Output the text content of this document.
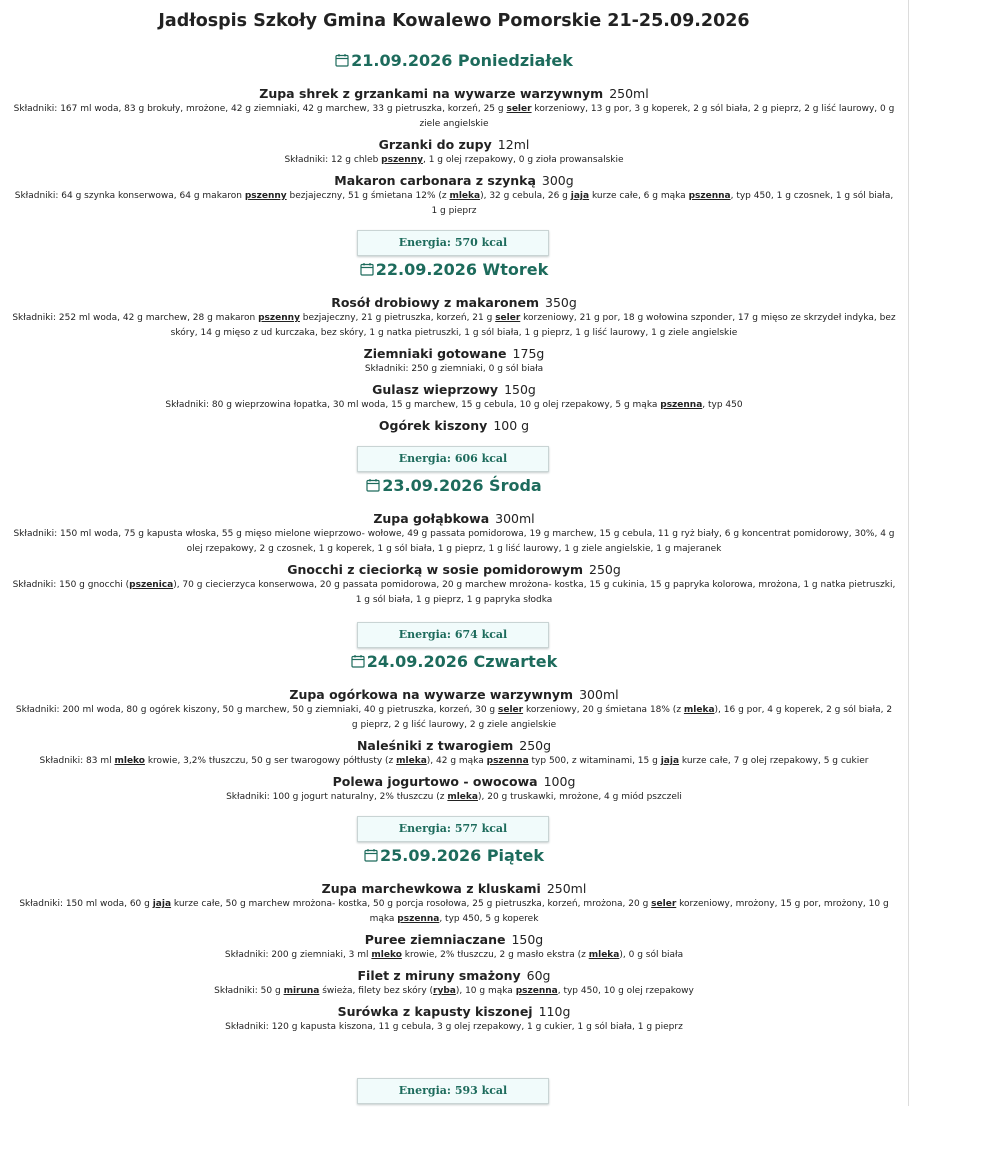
Jadłospis Szkoły Gmina Kowalewo Pomorskie 21-25.09.2026
21.09.2026 Poniedziałek
Zupa shrek z grzankami na wywarze warzywnym 250ml
Składniki: 167 ml woda, 83 g brokuły, mrożone, 42 g ziemniaki, 42 g marchew, 33 g pietruszka, korzeń, 25 g seler korzeniowy, 13 g por, 3 g koperek, 2 g sól biała, 2 g pieprz, 2 g liść laurowy, 0 g ziele angielskie
Grzanki do zupy 12ml
Składniki: 12 g chleb pszenny, 1 g olej rzepakowy, 0 g zioła prowansalskie
Makaron carbonara z szynką 300g
Składniki: 64 g szynka konserwowa, 64 g makaron pszenny bezjajeczny, 51 g śmietana 12% (z mleka), 32 g cebula, 26 g jaja kurze całe, 6 g mąka pszenna, typ 450, 1 g czosnek, 1 g sól biała, 1 g pieprz
22.09.2026 Wtorek
Rosół drobiowy z makaronem 350g
Składniki: 252 ml woda, 42 g marchew, 28 g makaron pszenny bezjajeczny, 21 g pietruszka, korzeń, 21 g seler korzeniowy, 21 g por, 18 g wołowina szponder, 17 g mięso ze skrzydeł indyka, bez skóry, 14 g mięso z ud kurczaka, bez skóry, 1 g natka pietruszki, 1 g sól biała, 1 g pieprz, 1 g liść laurowy, 1 g ziele angielskie
Ziemniaki gotowane 175g
Składniki: 250 g ziemniaki, 0 g sól biała
Gulasz wieprzowy 150g
Składniki: 80 g wieprzowina łopatka, 30 ml woda, 15 g marchew, 15 g cebula, 10 g olej rzepakowy, 5 g mąka pszenna, typ 450
Ogórek kiszony 100 g
23.09.2026 Środa
Zupa gołąbkowa 300ml
Składniki: 150 ml woda, 75 g kapusta włoska, 55 g mięso mielone wieprzowo- wołowe, 49 g passata pomidorowa, 19 g marchew, 15 g cebula, 11 g ryż biały, 6 g koncentrat pomidorowy, 30%, 4 g olej rzepakowy, 2 g czosnek, 1 g koperek, 1 g sól biała, 1 g pieprz, 1 g liść laurowy, 1 g ziele angielskie, 1 g majeranek
Gnocchi z cieciorką w sosie pomidorowym 250g
Składniki: 150 g gnocchi (pszenica), 70 g ciecierzyca konserwowa, 20 g passata pomidorowa, 20 g marchew mrożona- kostka, 15 g cukinia, 15 g papryka kolorowa, mrożona, 1 g natka pietruszki, 1 g sól biała, 1 g pieprz, 1 g papryka słodka
24.09.2026 Czwartek
Zupa ogórkowa na wywarze warzywnym 300ml
Składniki: 200 ml woda, 80 g ogórek kiszony, 50 g marchew, 50 g ziemniaki, 40 g pietruszka, korzeń, 30 g seler korzeniowy, 20 g śmietana 18% (z mleka), 16 g por, 4 g koperek, 2 g sól biała, 2 g pieprz, 2 g liść laurowy, 2 g ziele angielskie
Naleśniki z twarogiem 250g
Składniki: 83 ml mleko krowie, 3,2% tłuszczu, 50 g ser twarogowy półtłusty (z mleka), 42 g mąka pszenna typ 500, z witaminami, 15 g jaja kurze całe, 7 g olej rzepakowy, 5 g cukier
Polewa jogurtowo - owocowa 100g
Składniki: 100 g jogurt naturalny, 2% tłuszczu (z mleka), 20 g truskawki, mrożone, 4 g miód pszczeli
25.09.2026 Piątek
Zupa marchewkowa z kluskami 250ml
Składniki: 150 ml woda, 60 g jaja kurze całe, 50 g marchew mrożona- kostka, 50 g porcja rosołowa, 25 g pietruszka, korzeń, mrożona, 20 g seler korzeniowy, mrożony, 15 g por, mrożony, 10 g mąka pszenna, typ 450, 5 g koperek
Puree ziemniaczane 150g
Składniki: 200 g ziemniaki, 3 ml mleko krowie, 2% tłuszczu, 2 g masło ekstra (z mleka), 0 g sól biała
Filet z miruny smażony 60g
Składniki: 50 g miruna świeża, filety bez skóry (ryba), 10 g mąka pszenna, typ 450, 10 g olej rzepakowy
Surówka z kapusty kiszonej 110g
Składniki: 120 g kapusta kiszona, 11 g cebula, 3 g olej rzepakowy, 1 g cukier, 1 g sól biała, 1 g pieprz
Energia: 570 kcal
Energia: 606 kcal
Energia: 674 kcal
Energia: 577 kcal
Energia: 593 kcal
